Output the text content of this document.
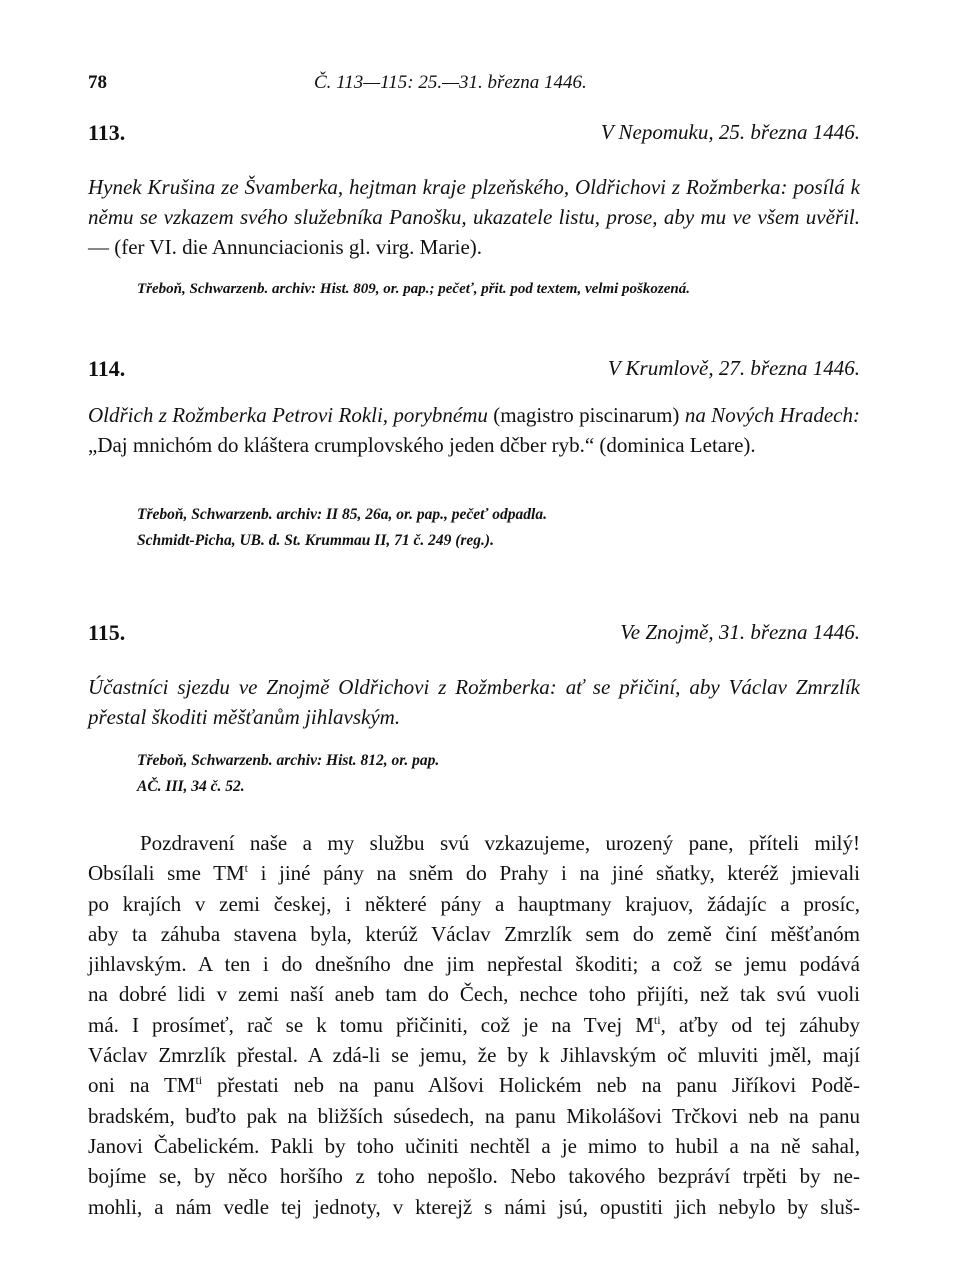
78	Č. 113—115: 25.—31. března 1446.
113.	V Nepomuku, 25. března 1446.
Hynek Krušina ze Švamberka, hejtman kraje plzeňského, Oldřichovi z Rožmberka: posílá k němu se vzkazem svého služebníka Panošku, ukazatele listu, prose, aby mu ve všem uvěřil. — (fer VI. die Annunciacionis gl. virg. Marie).
Třeboň, Schwarzenb. archiv: Hist. 809, or. pap.; pečeť, přit. pod textem, velmi poškozená.
114.	V Krumlově, 27. března 1446.
Oldřich z Rožmberka Petrovi Rokli, porybnému (magistro piscinarum) na Nových Hradech: „Daj mnichóm do kláštera crumplovského jeden dčber ryb.“ (dominica Letare).
Třeboň, Schwarzenb. archiv: II 85, 26a, or. pap., pečeť odpadla.
Schmidt-Picha, UB. d. St. Krummau II, 71 č. 249 (reg.).
115.	Ve Znojmě, 31. března 1446.
Účastníci sjezdu ve Znojmě Oldřichovi z Rožmberka: ať se přičiní, aby Václav Zmrzlík přestal škoditi měšťanům jihlavským.
Třeboň, Schwarzenb. archiv: Hist. 812, or. pap.
AČ. III, 34 č. 52.
Pozdravení naše a my službu svú vzkazujeme, urozený pane, příteli milý!
Obsílali sme $TM^t$ i jiné pány na sněm do Prahy i na jiné sňatky, kteréž jmievali
po krajích v zemi českej, i některé pány a hauptmany krajuov, žádajíc a prosíc,
aby ta záhuba stavena byla, kterúž Václav Zmrzlík sem do země činí měšťanóm
jihlavským. A ten i do dnešního dne jim nepřestal škoditi; a což se jemu podává
na dobré lidi v zemi naší aneb tam do Čech, nechce toho přijíti, než tak svú vuoli
má. I prosímeť, rač se k tomu přičiniti, což je na Tvej $M^{ti}$, aťby od tej záhuby
Václav Zmrzlík přestal. A zdá-li se jemu, že by k Jihlavským oč mluviti jměl, mají
oni na $TM^{ti}$ přestati neb na panu Alšovi Holickém neb na panu Jiříkovi Podě-
bradském, buďto pak na bližších súsedech, na panu Mikolášovi Trčkovi neb na panu
Janovi Čabelickém. Pakli by toho učiniti nechtěl a je mimo to hubil a na ně sahal,
bojíme se, by něco horšího z toho nepošlo. Nebo takového bezpráví trpěti by ne-
mohli, a nám vedle tej jednoty, v kterejž s námi jsú, opustiti jich nebylo by sluš-
